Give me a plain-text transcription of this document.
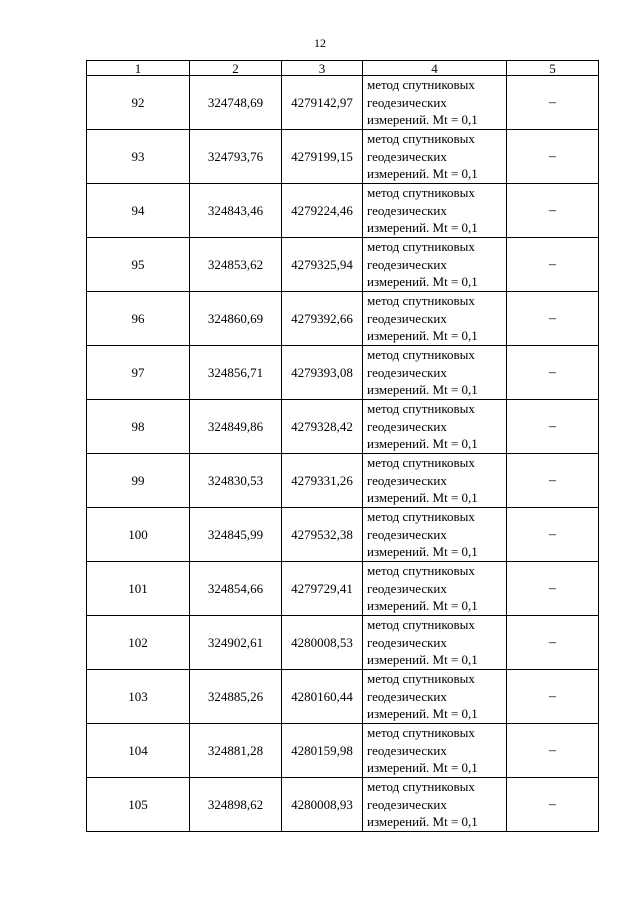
12
1	2	3	4	5
92	324748,69	4279142,97	метод спутниковых
геодезических
измерений. Mt = 0,1	–
93	324793,76	4279199,15	метод спутниковых
геодезических
измерений. Mt = 0,1	–
94	324843,46	4279224,46	метод спутниковых
геодезических
измерений. Mt = 0,1	–
95	324853,62	4279325,94	метод спутниковых
геодезических
измерений. Mt = 0,1	–
96	324860,69	4279392,66	метод спутниковых
геодезических
измерений. Mt = 0,1	–
97	324856,71	4279393,08	метод спутниковых
геодезических
измерений. Mt = 0,1	–
98	324849,86	4279328,42	метод спутниковых
геодезических
измерений. Mt = 0,1	–
99	324830,53	4279331,26	метод спутниковых
геодезических
измерений. Mt = 0,1	–
100	324845,99	4279532,38	метод спутниковых
геодезических
измерений. Mt = 0,1	–
101	324854,66	4279729,41	метод спутниковых
геодезических
измерений. Mt = 0,1	–
102	324902,61	4280008,53	метод спутниковых
геодезических
измерений. Mt = 0,1	–
103	324885,26	4280160,44	метод спутниковых
геодезических
измерений. Mt = 0,1	–
104	324881,28	4280159,98	метод спутниковых
геодезических
измерений. Mt = 0,1	–
105	324898,62	4280008,93	метод спутниковых
геодезических
измерений. Mt = 0,1	–
